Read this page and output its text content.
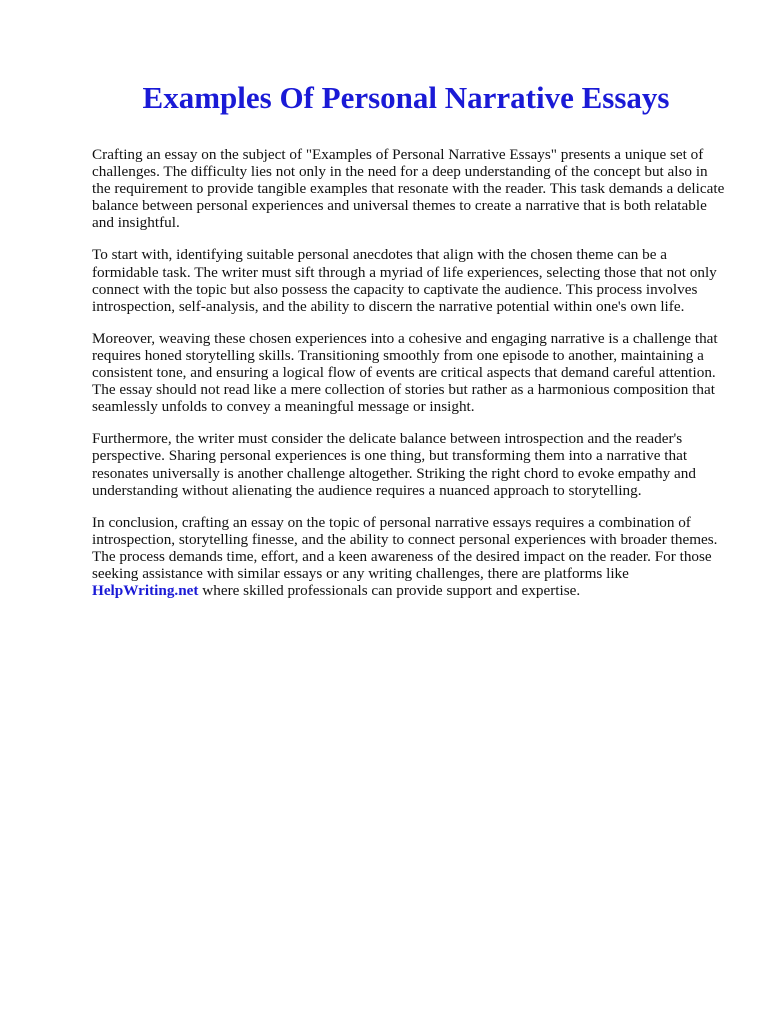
Examples Of Personal Narrative Essays

Crafting an essay on the subject of "Examples of Personal Narrative Essays" presents a unique set of challenges. The difficulty lies not only in the need for a deep understanding of the concept but also in the requirement to provide tangible examples that resonate with the reader. This task demands a delicate balance between personal experiences and universal themes to create a narrative that is both relatable and insightful.

To start with, identifying suitable personal anecdotes that align with the chosen theme can be a formidable task. The writer must sift through a myriad of life experiences, selecting those that not only connect with the topic but also possess the capacity to captivate the audience. This process involves introspection, self-analysis, and the ability to discern the narrative potential within one's own life.

Moreover, weaving these chosen experiences into a cohesive and engaging narrative is a challenge that requires honed storytelling skills. Transitioning smoothly from one episode to another, maintaining a consistent tone, and ensuring a logical flow of events are critical aspects that demand careful attention. The essay should not read like a mere collection of stories but rather as a harmonious composition that seamlessly unfolds to convey a meaningful message or insight.

Furthermore, the writer must consider the delicate balance between introspection and the reader's perspective. Sharing personal experiences is one thing, but transforming them into a narrative that resonates universally is another challenge altogether. Striking the right chord to evoke empathy and understanding without alienating the audience requires a nuanced approach to storytelling.

In conclusion, crafting an essay on the topic of personal narrative essays requires a combination of introspection, storytelling finesse, and the ability to connect personal experiences with broader themes. The process demands time, effort, and a keen awareness of the desired impact on the reader. For those seeking assistance with similar essays or any writing challenges, there are platforms like HelpWriting.net where skilled professionals can provide support and expertise.
